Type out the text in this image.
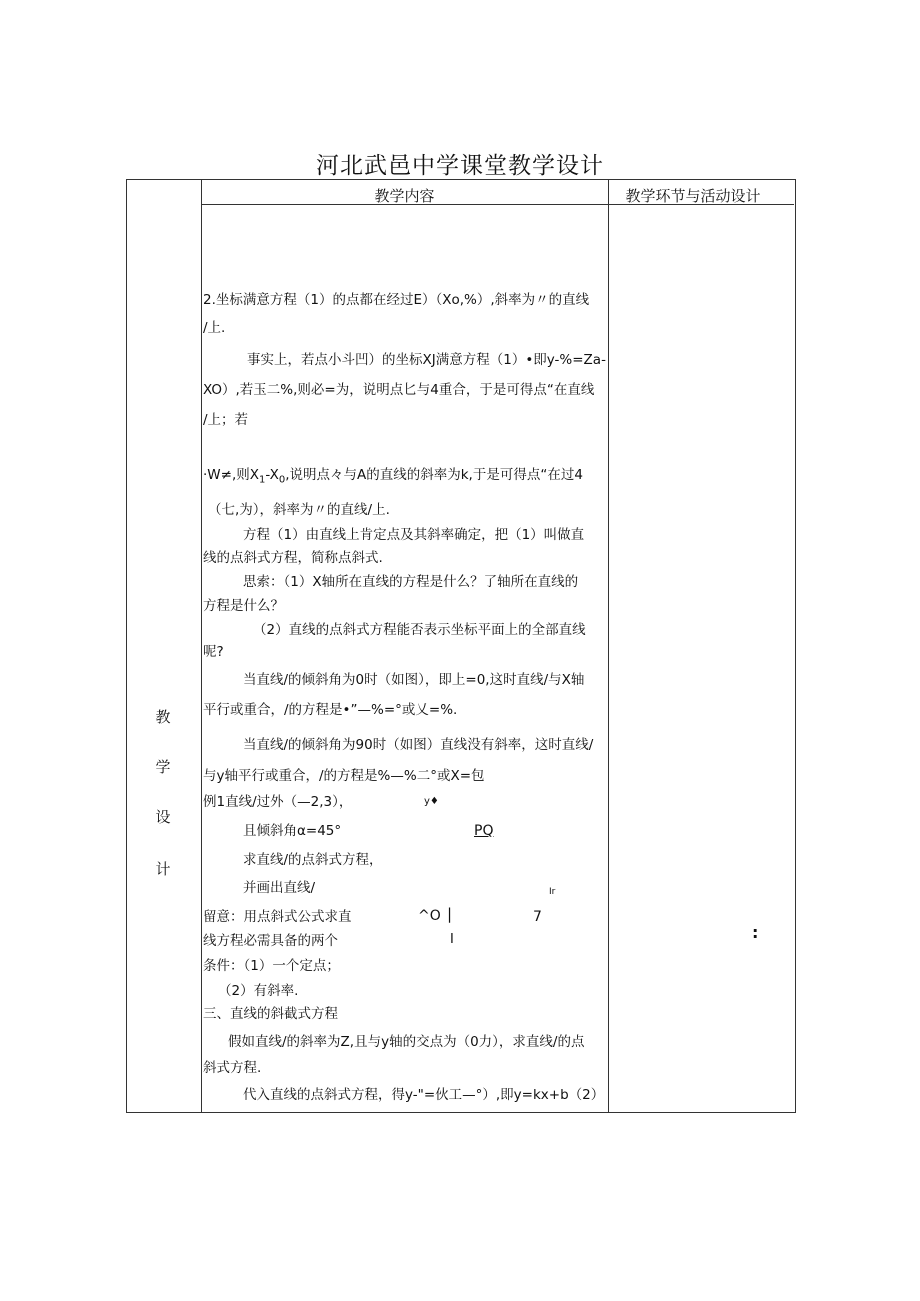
河北武邑中学课堂教学设计
教学内容	教学环节与活动设计
教
学
设
计
2.坐标满意方程（1）的点都在经过E）（Xo,%）,斜率为〃的直线
/上.
事实上，若点小斗凹）的坐标XJ满意方程（1）•即y-%=Za-
XO）,若玉二%,则必=为，说明点匕与4重合，于是可得点“在直线
/上；若
·W≠,则$X_1-X_0$,说明点々与A的直线的斜率为k,于是可得点“在过4
（七,为），斜率为〃的直线/上.
方程（1）由直线上肯定点及其斜率确定，把（1）叫做直
线的点斜式方程，简称点斜式.
思索：（1）X轴所在直线的方程是什么？了轴所在直线的
方程是什么？
（2）直线的点斜式方程能否表示坐标平面上的全部直线
呢?
当直线/的倾斜角为0时（如图），即上=0,这时直线/与X轴
平行或重合，/的方程是•”—%=°或乂=%.
当直线/的倾斜角为90时（如图）直线没有斜率，这时直线/
与y轴平行或重合，/的方程是%—%二°或X=包
例1直线/过外（—2,3），
且倾斜角α=45°
求直线/的点斜式方程，
并画出直线/
留意：用点斜式公式求直
线方程必需具备的两个
条件：（1）一个定点；
（2）有斜率.
三、直线的斜截式方程
假如直线/的斜率为Z,且与y轴的交点为（0力），求直线/的点
斜式方程.
代入直线的点斜式方程，得y-"=伙工—°）,即y=kx+b（2）
y♦
PQ
Ir
^O |	7
I	:
